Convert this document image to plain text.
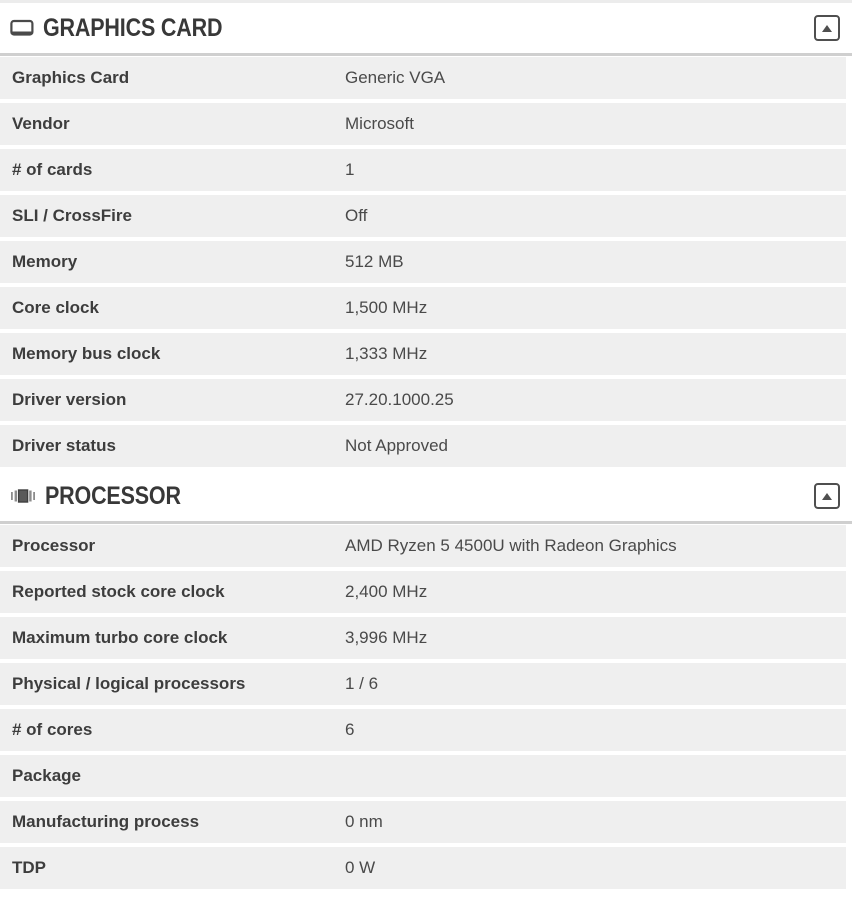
GRAPHICS CARD
Graphics Card	Generic VGA
Vendor	Microsoft
# of cards	1
SLI / CrossFire	Off
Memory	512 MB
Core clock	1,500 MHz
Memory bus clock	1,333 MHz
Driver version	27.20.1000.25
Driver status	Not Approved
PROCESSOR
Processor	AMD Ryzen 5 4500U with Radeon Graphics
Reported stock core clock	2,400 MHz
Maximum turbo core clock	3,996 MHz
Physical / logical processors	1 / 6
# of cores	6
Package
Manufacturing process	0 nm
TDP	0 W
